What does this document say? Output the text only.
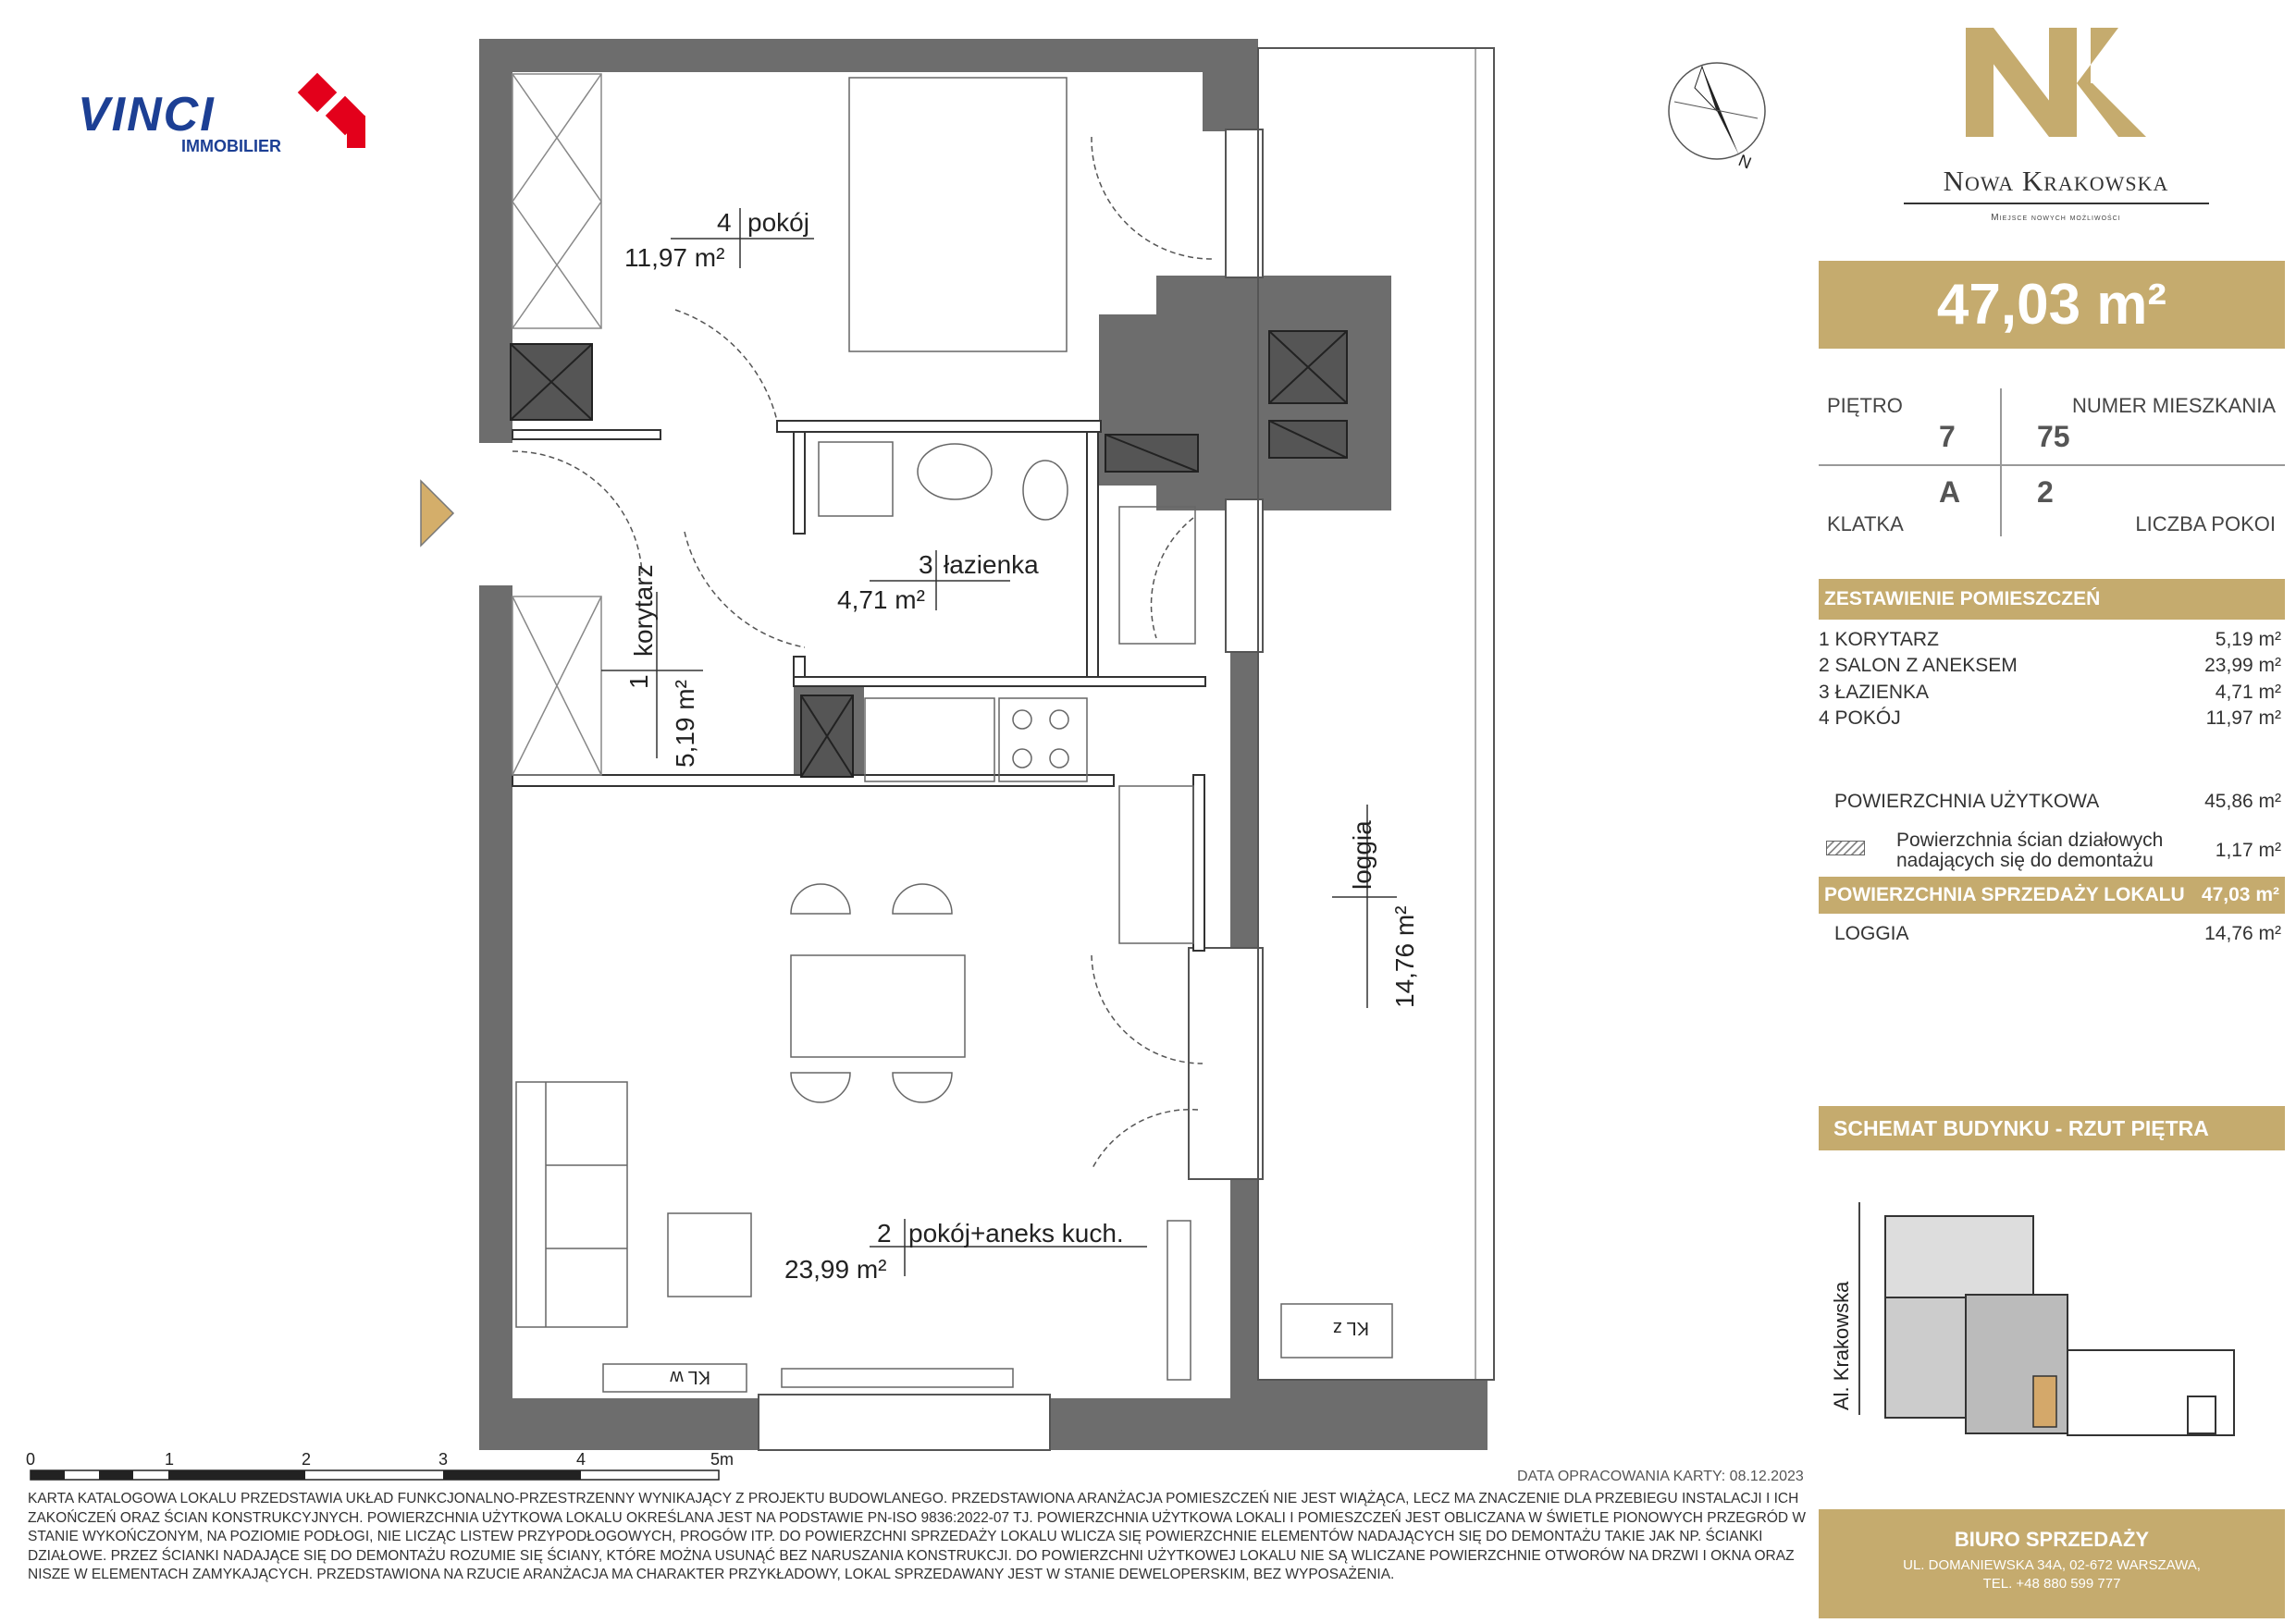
4 pokój
11,97 m²
3 łazienka
4,71 m²
1
korytarz
5,19 m²
2 pokój+aneks kuch.
23,99 m²
loggia
14,76 m²
KL w
KL z
N
Al. Krakowska
0	1	2	3	4	5m
VINCI
IMMOBILIER
Nowa Krakowska
Miejsce nowych możliwości
47,03 m²
PIĘTRO
7
NUMER MIESZKANIA
75
A
KLATKA
2
LICZBA POKOI
ZESTAWIENIE POMIESZCZEŃ
1 KORYTARZ	5,19 m²
2 SALON Z ANEKSEM	23,99 m²
3 ŁAZIENKA	4,71 m²
4 POKÓJ	11,97 m²
POWIERZCHNIA UŻYTKOWA	45,86 m²
Powierzchnia ścian działowych
nadających się do demontażu	1,17 m²
POWIERZCHNIA SPRZEDAŻY LOKALU 47,03 m²
LOGGIA	14,76 m²
SCHEMAT BUDYNKU - RZUT PIĘTRA
DATA OPRACOWANIA KARTY: 08.12.2023
KARTA KATALOGOWA LOKALU PRZEDSTAWIA UKŁAD FUNKCJONALNO-PRZESTRZENNY WYNIKAJĄCY Z PROJEKTU BUDOWLANEGO. PRZEDSTAWIONA ARANŻACJA POMIESZCZEŃ NIE JEST WIĄŻĄCA, LECZ MA ZNACZENIE DLA PRZEBIEGU INSTALACJI I ICH ZAKOŃCZEŃ ORAZ ŚCIAN KONSTRUKCYJNYCH. POWIERZCHNIA UŻYTKOWA LOKALU OKREŚLANA JEST NA PODSTAWIE PN-ISO 9836:2022-07 TJ. POWIERZCHNIA UŻYTKOWA LOKALI I POMIESZCZEŃ JEST OBLICZANA W ŚWIETLE PIONOWYCH PRZEGRÓD W STANIE WYKOŃCZONYM, NA POZIOMIE PODŁOGI, NIE LICZĄC LISTEW PRZYPODŁOGOWYCH, PROGÓW ITP. DO POWIERZCHNI SPRZEDAŻY LOKALU WLICZA SIĘ POWIERZCHNIE ELEMENTÓW NADAJĄCYCH SIĘ DO DEMONTAŻU TAKIE JAK NP. ŚCIANKI DZIAŁOWE. PRZEZ ŚCIANKI NADAJĄCE SIĘ DO DEMONTAŻU ROZUMIE SIĘ ŚCIANY, KTÓRE MOŻNA USUNĄĆ BEZ NARUSZANIA KONSTRUKCJI. DO POWIERZCHNI UŻYTKOWEJ LOKALU NIE SĄ WLICZANE POWIERZCHNIE OTWORÓW NA DRZWI I OKNA ORAZ NISZE W ELEMENTACH ZAMYKAJĄCYCH. PRZEDSTAWIONA NA RZUCIE ARANŻACJA MA CHARAKTER PRZYKŁADOWY, LOKAL SPRZEDAWANY JEST W STANIE DEWELOPERSKIM, BEZ WYPOSAŻENIA.
BIURO SPRZEDAŻY
UL. DOMANIEWSKA 34A, 02-672 WARSZAWA,
TEL. +48 880 599 777
